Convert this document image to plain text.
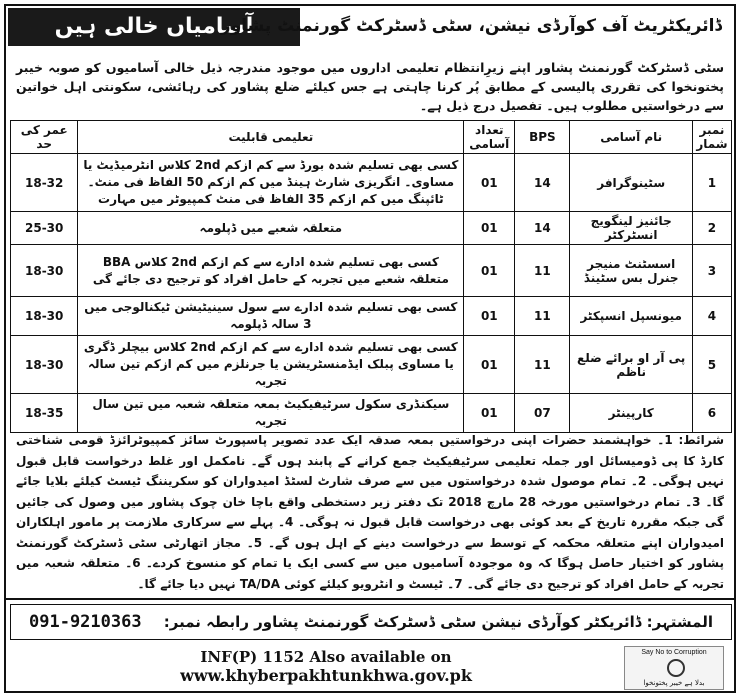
آسامیاں خالی ہیں
ڈائریکٹریٹ آف کوآرڈی نیشن، سٹی ڈسٹرکٹ گورنمنٹ پشاور
سٹی ڈسٹرکٹ گورنمنٹ پشاور اپنے زیرِانتظام تعلیمی اداروں میں موجود مندرجہ ذیل خالی آسامیوں کو صوبہ خیبر پختونخوا کی تقرری پالیسی کے مطابق پُر کرنا چاہتی ہے جس کیلئے ضلع پشاور کی رہائشی، سکونتی اہل خواتین سے درخواستیں مطلوب ہیں۔ تفصیل درج ذیل ہے۔
نمبر شمار	نام آسامی	BPS	تعداد آسامی	تعلیمی قابلیت	عمر کی حد
1	سٹینوگرافر	14	01	کسی بھی تسلیم شدہ بورڈ سے کم ازکم 2nd کلاس انٹرمیڈیٹ یا مساوی۔ انگریزی شارٹ ہینڈ میں کم ازکم 50 الفاظ فی منٹ۔ ٹائپنگ میں کم ازکم 35 الفاظ فی منٹ کمپیوٹر میں مہارت	18-32
2	جائنیز لینگویج انسٹرکٹر	14	01	متعلقہ شعبے میں ڈپلومہ	25-30
3	اسسٹنٹ منیجر جنرل بس سٹینڈ	11	01	کسی بھی تسلیم شدہ ادارے سے کم ازکم 2nd کلاس BBA متعلقہ شعبے میں تجربہ کے حامل افراد کو ترجیح دی جائے گی	18-30
4	میونسپل انسپکٹر	11	01	کسی بھی تسلیم شدہ ادارے سے سول سینیٹیشن ٹیکنالوجی میں 3 سالہ ڈپلومہ	18-30
5	پی آر او برائے ضلع ناظم	11	01	کسی بھی تسلیم شدہ ادارے سے کم ازکم 2nd کلاس بیچلر ڈگری یا مساوی پبلک ایڈمنسٹریشن یا جرنلزم میں کم ازکم تین سالہ تجربہ	18-30
6	کارپینٹر	07	01	سیکنڈری سکول سرٹیفیکیٹ بمعہ متعلقہ شعبہ میں تین سال تجربہ	18-35
شرائط: 1۔ خواہشمند حضرات اپنی درخواستیں بمعہ صدقہ ایک عدد تصویر پاسپورٹ سائز کمپیوٹرائزڈ قومی شناختی کارڈ کا پی ڈومیسائل اور جملہ تعلیمی سرٹیفیکیٹ جمع کرانے کے پابند ہوں گے۔ نامکمل اور غلط درخواست قابل قبول نہیں ہوگی۔ 2۔ تمام موصول شدہ درخواستوں میں سے صرف شارٹ لسٹڈ امیدواران کو سکریننگ ٹیسٹ کیلئے بلایا جائے گا۔ 3۔ تمام درخواستیں مورخہ 28 مارچ 2018 تک دفتر زیر دستخطی واقع باچا خان چوک پشاور میں وصول کی جائیں گی جبکہ مقررہ تاریخ کے بعد کوئی بھی درخواست قابل قبول نہ ہوگی۔ 4۔ پہلے سے سرکاری ملازمت پر مامور اہلکاران امیدواران اپنے متعلقہ محکمہ کے توسط سے درخواست دینے کے اہل ہوں گے۔ 5۔ مجاز اتھارٹی سٹی ڈسٹرکٹ گورنمنٹ پشاور کو اختیار حاصل ہوگا کہ وہ موجودہ آسامیوں میں سے کسی ایک یا تمام کو منسوخ کردے۔ 6۔ متعلقہ شعبہ میں تجربہ کے حامل افراد کو ترجیح دی جائے گی۔ 7۔ ٹیسٹ و انٹرویو کیلئے کوئی TA/DA نہیں دیا جائے گا۔
091-9210363 المشتہر: ڈائریکٹر کوآرڈی نیشن سٹی ڈسٹرکٹ گورنمنٹ پشاور رابطہ نمبر:
INF(P) 1152 Also available on
www.khyberpakhtunkhwa.gov.pk
Say No to Corruption
بدلا ہے خیبر پختونخوا
